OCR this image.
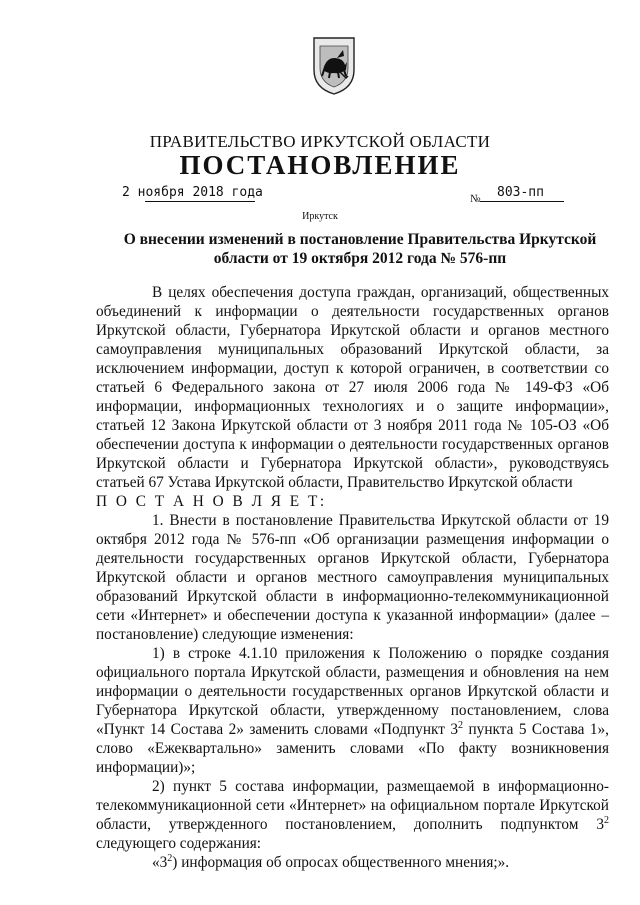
ПРАВИТЕЛЬСТВО ИРКУТСКОЙ ОБЛАСТИ
ПОСТАНОВЛЕНИЕ
2 ноября 2018 года	№ 803-пп
Иркутск
О внесении изменений в постановление Правительства Иркутской
области от 19 октября 2012 года № 576-пп

В целях обеспечения доступа граждан, организаций, общественных объединений к информации о деятельности государственных органов Иркутской области, Губернатора Иркутской области и органов местного самоуправления муниципальных образований Иркутской области, за исключением информации, доступ к которой ограничен, в соответствии со статьей 6 Федерального закона от 27 июля 2006 года № 149-ФЗ «Об информации, информационных технологиях и о защите информации», статьей 12 Закона Иркутской области от 3 ноября 2011 года № 105-ОЗ «Об обеспечении доступа к информации о деятельности государственных органов Иркутской области и Губернатора Иркутской области», руководствуясь статьей 67 Устава Иркутской области, Правительство Иркутской области

П О С Т А Н О В Л Я Е Т:

1. Внести в постановление Правительства Иркутской области от 19 октября 2012 года № 576-пп «Об организации размещения информации о деятельности государственных органов Иркутской области, Губернатора Иркутской области и органов местного самоуправления муниципальных образований Иркутской области в информационно-телекоммуникационной сети «Интернет» и обеспечении доступа к указанной информации» (далее – постановление) следующие изменения:

1) в строке 4.1.10 приложения к Положению о порядке создания официального портала Иркутской области, размещения и обновления на нем информации о деятельности государственных органов Иркутской области и Губернатора Иркутской области, утвержденному постановлением, слова «Пункт 14 Состава 2» заменить словами «Подпункт $3^2$ пункта 5 Состава 1», слово «Ежеквартально» заменить словами «По факту возникновения информации)»;

2) пункт 5 состава информации, размещаемой в информационно-телекоммуникационной сети «Интернет» на официальном портале Иркутской области, утвержденного постановлением, дополнить подпунктом $3^2$ следующего содержания:

«$3^2$) информация об опросах общественного мнения;».
